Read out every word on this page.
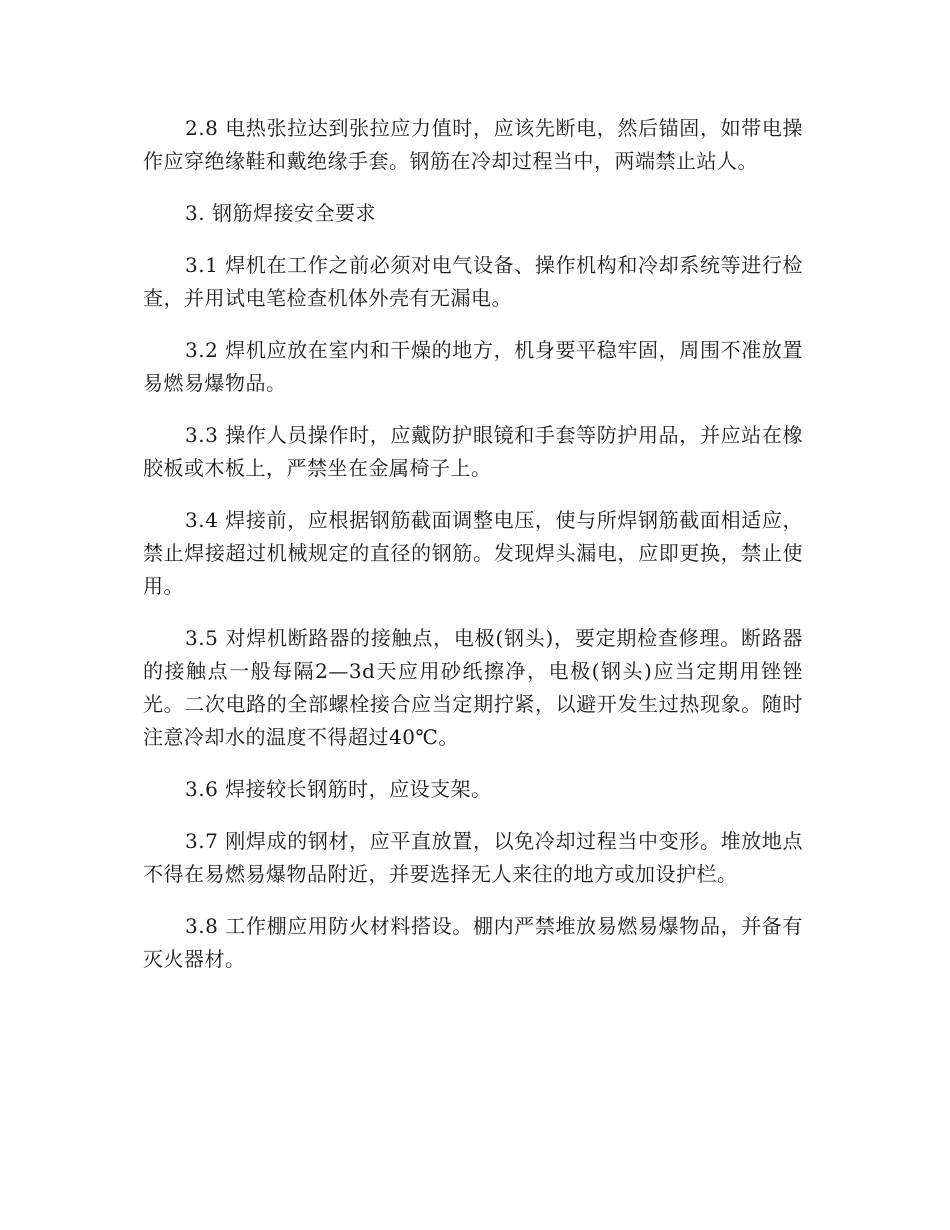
2.8 电热张拉达到张拉应力值时，应该先断电，然后锚固，如带电操作应穿绝缘鞋和戴绝缘手套。钢筋在冷却过程当中，两端禁止站人。

3. 钢筋焊接安全要求

3.1 焊机在工作之前必须对电气设备、操作机构和冷却系统等进行检查，并用试电笔检查机体外壳有无漏电。

3.2 焊机应放在室内和干燥的地方，机身要平稳牢固，周围不准放置易燃易爆物品。

3.3 操作人员操作时，应戴防护眼镜和手套等防护用品，并应站在橡胶板或木板上，严禁坐在金属椅子上。

3.4 焊接前，应根据钢筋截面调整电压，使与所焊钢筋截面相适应，禁止焊接超过机械规定的直径的钢筋。发现焊头漏电，应即更换，禁止使用。

3.5 对焊机断路器的接触点，电极(钢头)，要定期检查修理。断路器的接触点一般每隔2—3d天应用砂纸擦净，电极(钢头)应当定期用锉锉光。二次电路的全部螺栓接合应当定期拧紧，以避开发生过热现象。随时注意冷却水的温度不得超过40℃。

3.6 焊接较长钢筋时，应设支架。

3.7 刚焊成的钢材，应平直放置，以免冷却过程当中变形。堆放地点不得在易燃易爆物品附近，并要选择无人来往的地方或加设护栏。

3.8 工作棚应用防火材料搭设。棚内严禁堆放易燃易爆物品，并备有灭火器材。
